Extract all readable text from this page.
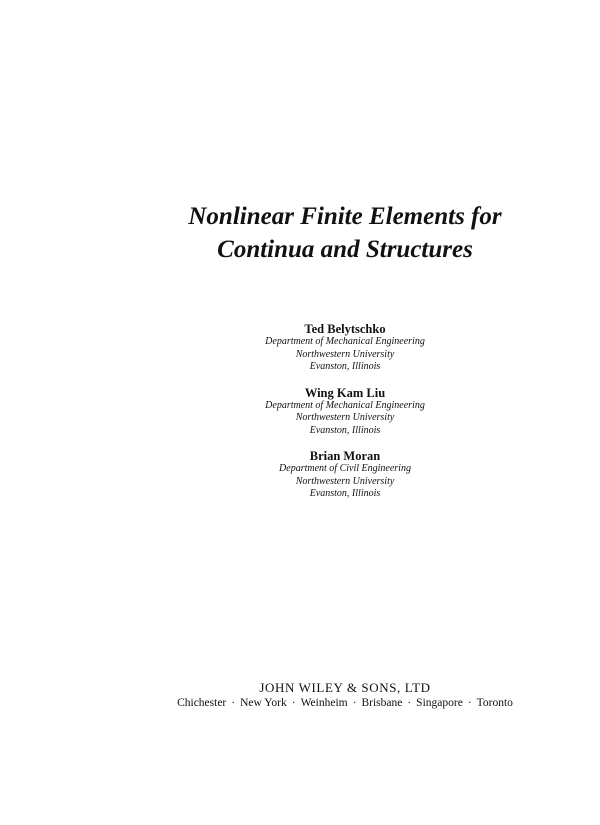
Nonlinear Finite Elements for
Continua and Structures
Ted Belytschko
Department of Mechanical Engineering
Northwestern University
Evanston, Illinois
Wing Kam Liu
Department of Mechanical Engineering
Northwestern University
Evanston, Illinois
Brian Moran
Department of Civil Engineering
Northwestern University
Evanston, Illinois
JOHN WILEY & SONS, LTD
Chichester · New York · Weinheim · Brisbane · Singapore · Toronto
